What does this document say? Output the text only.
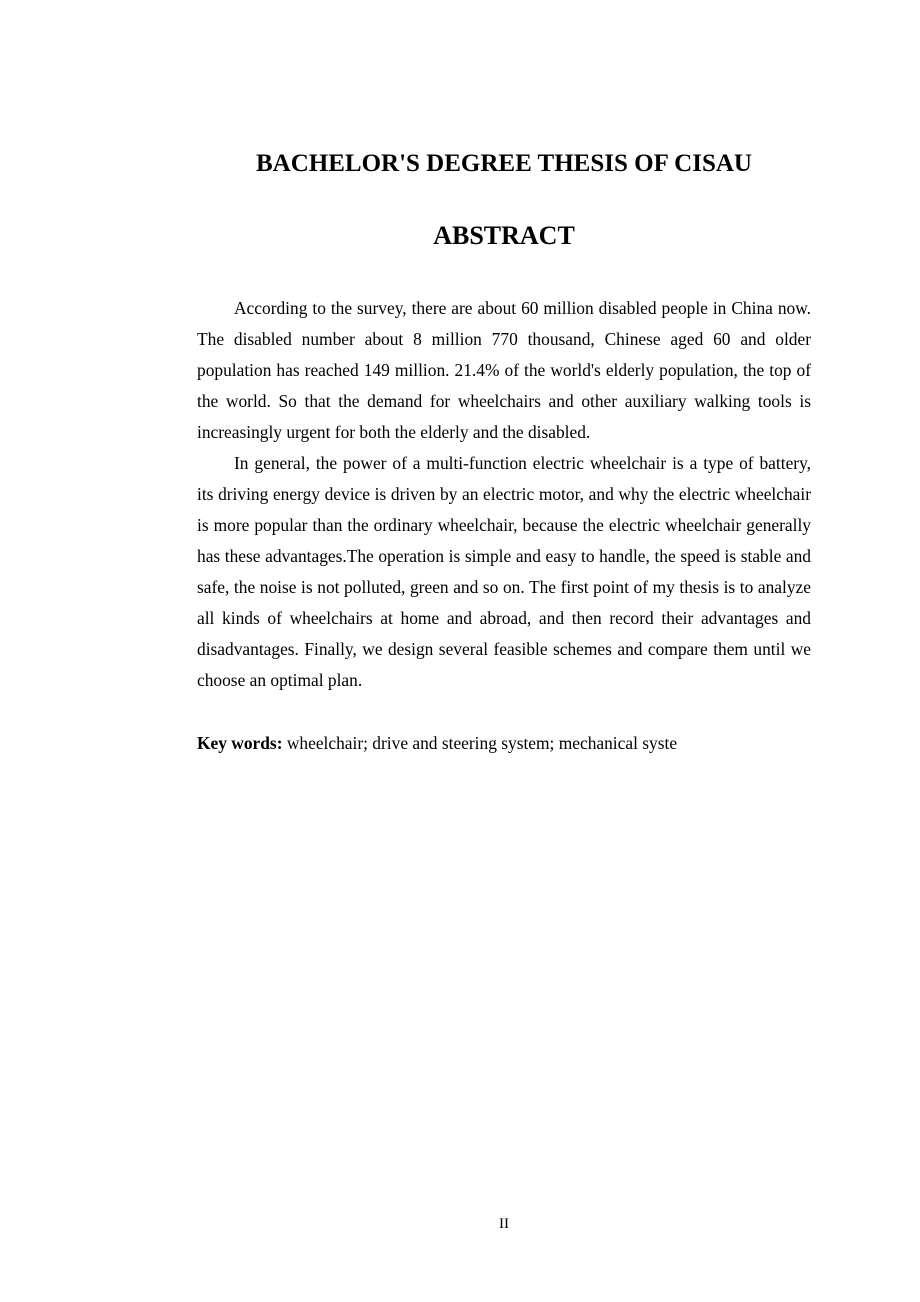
BACHELOR'S DEGREE THESIS OF CISAU
ABSTRACT

According to the survey, there are about 60 million disabled people in China now. The disabled number about 8 million 770 thousand, Chinese aged 60 and older population has reached 149 million. 21.4% of the world's elderly population, the top of the world. So that the demand for wheelchairs and other auxiliary walking tools is increasingly urgent for both the elderly and the disabled.

In general, the power of a multi-function electric wheelchair is a type of battery, its driving energy device is driven by an electric motor, and why the electric wheelchair is more popular than the ordinary wheelchair, because the electric wheelchair generally has these advantages.The operation is simple and easy to handle, the speed is stable and safe, the noise is not polluted, green and so on. The first point of my thesis is to analyze all kinds of wheelchairs at home and abroad, and then record their advantages and disadvantages. Finally, we design several feasible schemes and compare them until we choose an optimal plan.

Key words: wheelchair; drive and steering system; mechanical syste

II
